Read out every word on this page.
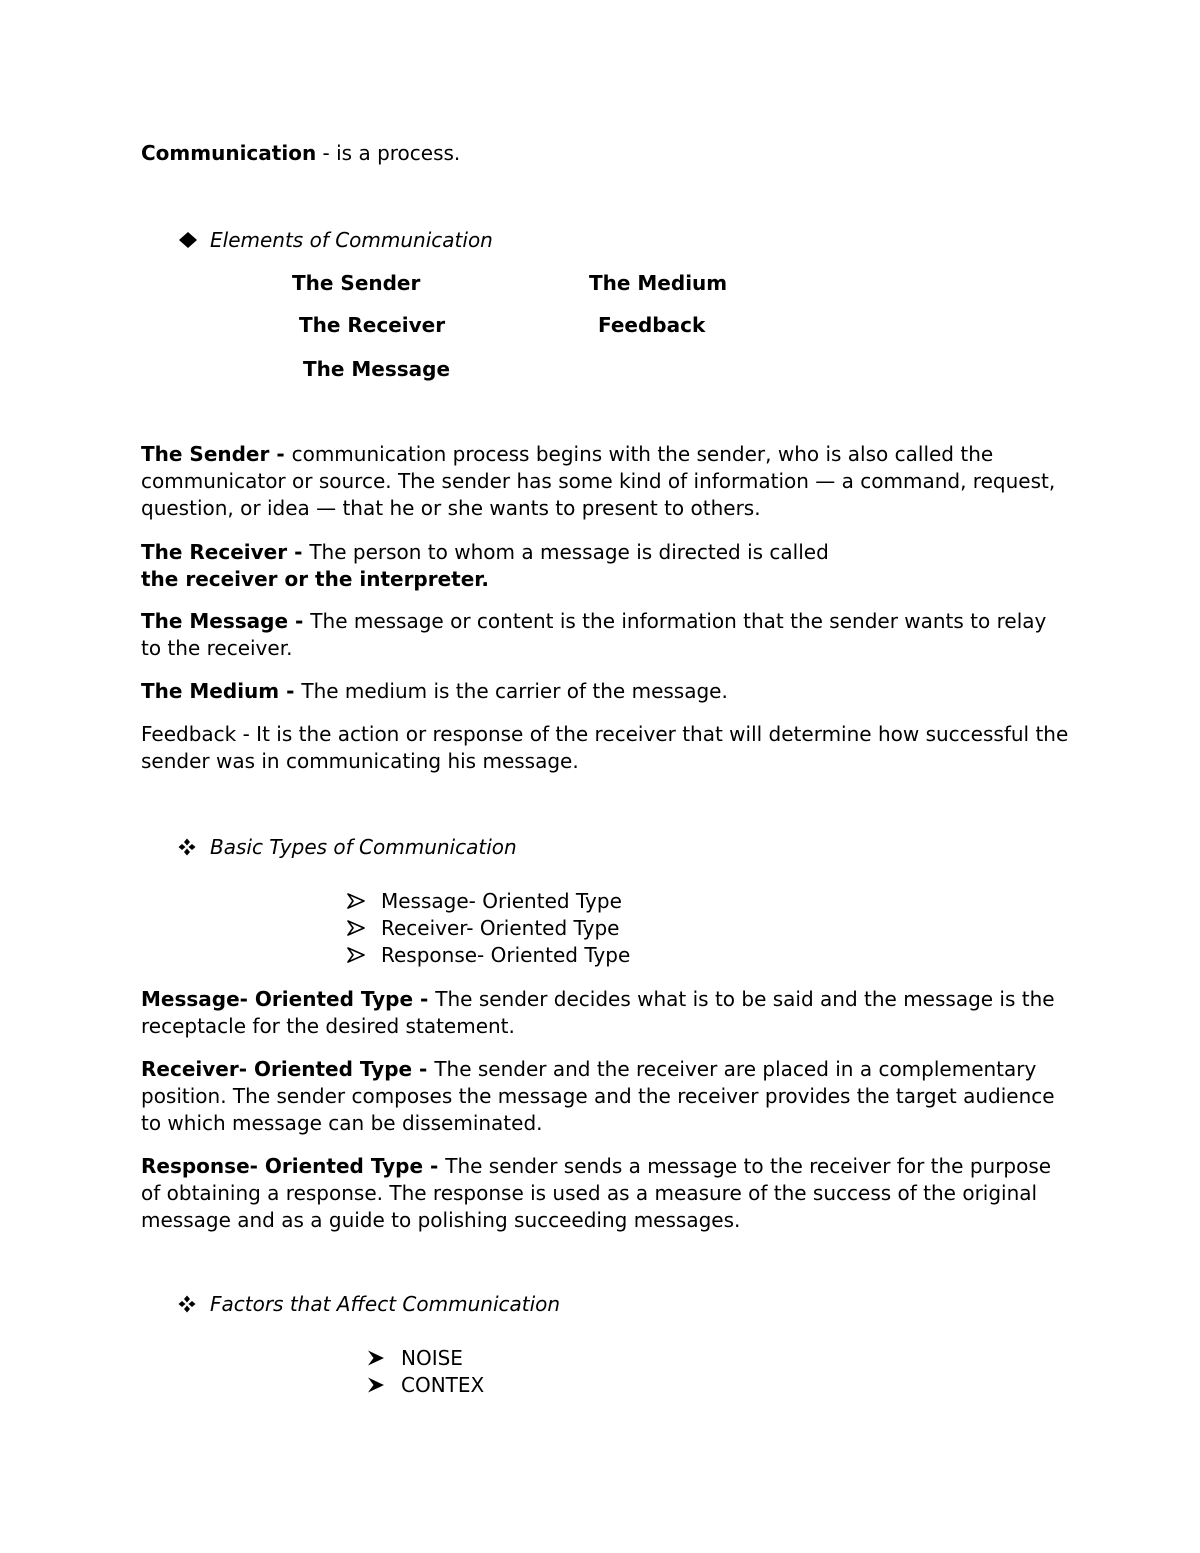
Communication - is a process.
Elements of Communication
The Sender
The Receiver
The Message
The Medium
Feedback
The Sender - communication process begins with the sender, who is also called the communicator or source. The sender has some kind of information — a command, request, question, or idea — that he or she wants to present to others.
The Receiver - The person to whom a message is directed is called
the receiver or the interpreter.
The Message - The message or content is the information that the sender wants to relay to the receiver.
The Medium - The medium is the carrier of the message.
Feedback - It is the action or response of the receiver that will determine how successful the sender was in communicating his message.
Basic Types of Communication
Message- Oriented Type
Receiver- Oriented Type
Response- Oriented Type
Message- Oriented Type - The sender decides what is to be said and the message is the receptacle for the desired statement.
Receiver- Oriented Type - The sender and the receiver are placed in a complementary position. The sender composes the message and the receiver provides the target audience to which message can be disseminated.
Response- Oriented Type - The sender sends a message to the receiver for the purpose of obtaining a response. The response is used as a measure of the success of the original message and as a guide to polishing succeeding messages.
Factors that Affect Communication
NOISE
CONTEX
